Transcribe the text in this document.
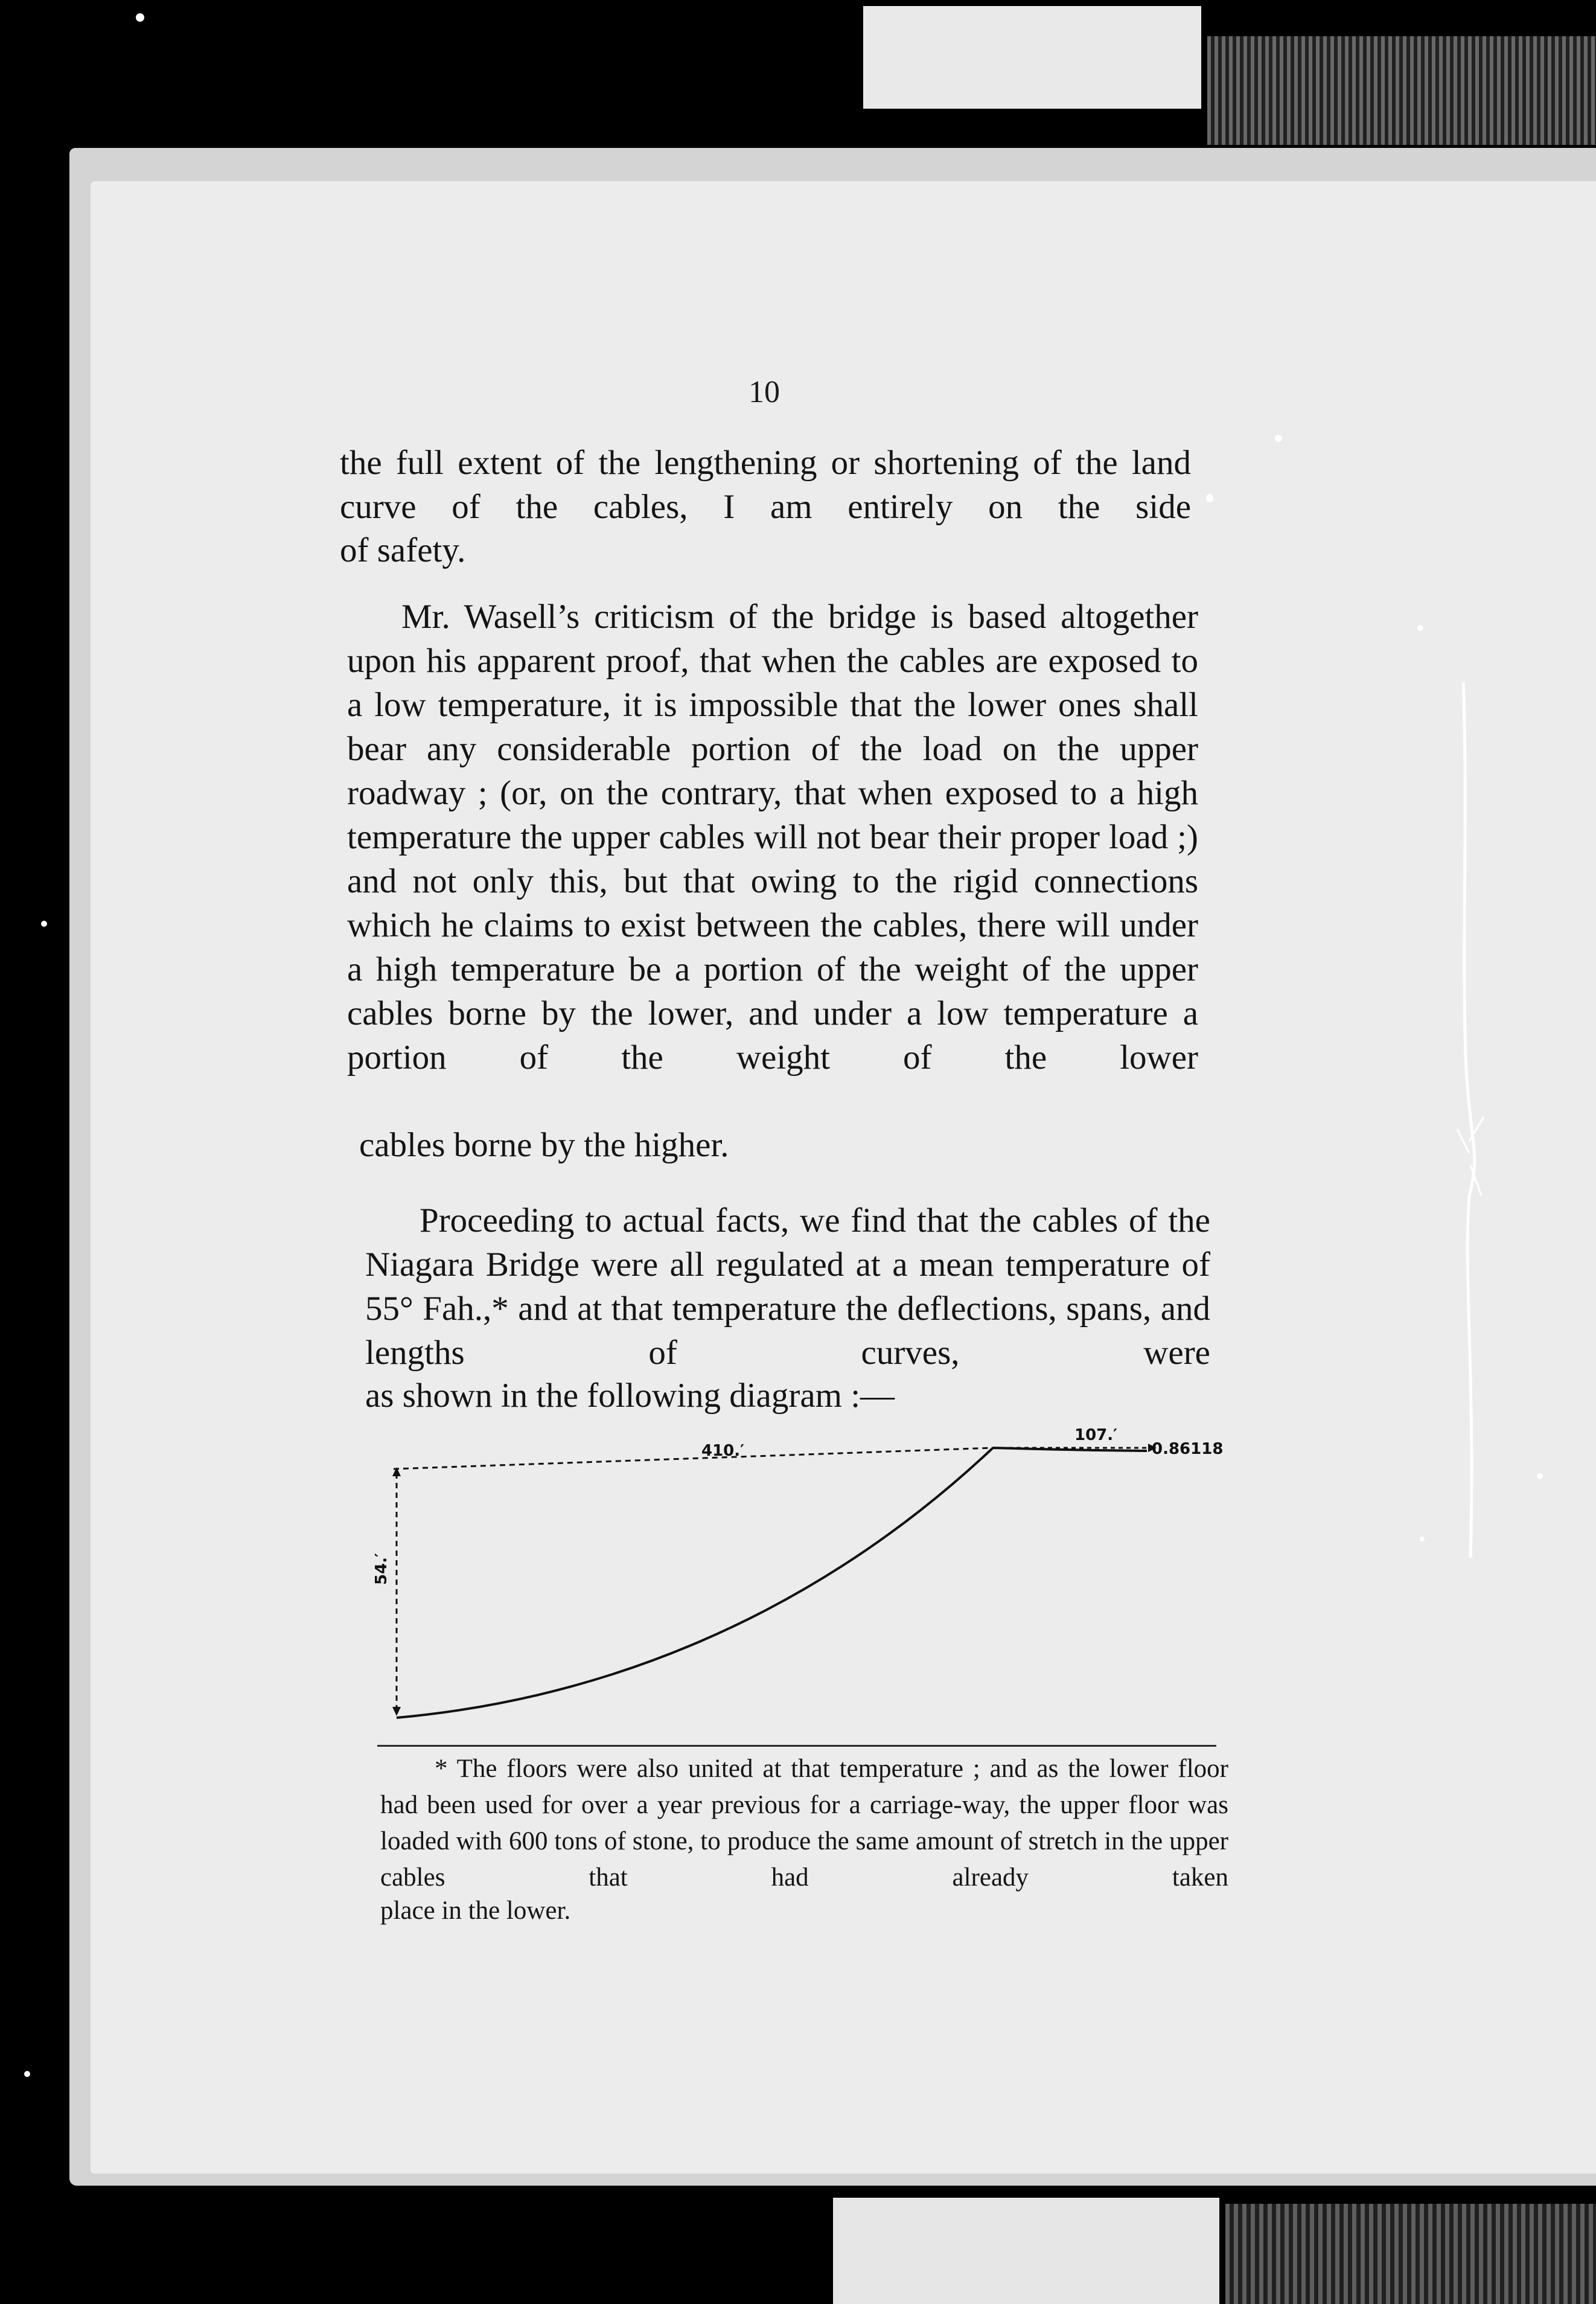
10
the full extent of the lengthening or shortening of the land curve of the cables, I am entirely on the side
of safety.
Mr. Wasell’s criticism of the bridge is based altogether upon his apparent proof, that when the cables are exposed to a low temperature, it is impossible that the lower ones shall bear any considerable portion of the load on the upper roadway ; (or, on the contrary, that when exposed to a high temperature the upper cables will not bear their proper load ;) and not only this, but that owing to the rigid connections which he claims to exist between the cables, there will under a high temperature be a portion of the weight of the upper cables borne by the lower, and under a low temperature a portion of the weight of the lower
cables borne by the higher.
Proceeding to actual facts, we find that the cables of the Niagara Bridge were all regulated at a mean temperature of 55° Fah.,* and at that temperature the deflections, spans, and lengths of curves, were
as shown in the following diagram :—
410.′
107.′
0.86118
54.′
* The floors were also united at that temperature ; and as the lower floor had been used for over a year previous for a carriage-way, the upper floor was loaded with 600 tons of stone, to produce the same amount of stretch in the upper cables that had already taken
place in the lower.
